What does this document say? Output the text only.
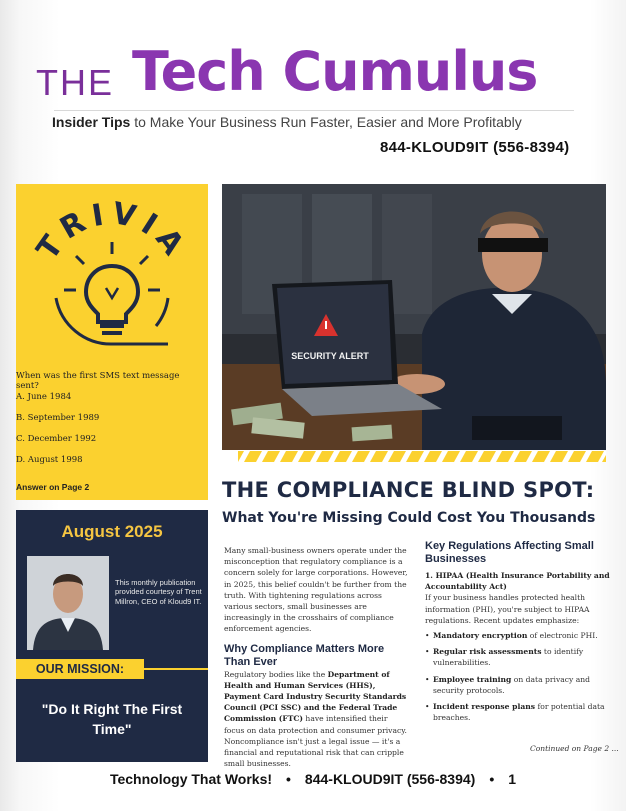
THE Tech Cumulus
Insider Tips to Make Your Business Run Faster, Easier and More Profitably
844-KLOUD9IT (556-8394)
TRIVIA
When was the first SMS text message sent?
A. June 1984
B. September 1989
C. December 1992
D. August 1998
Answer on Page 2
August 2025
This monthly publication provided courtesy of Trent Millron, CEO of Kloud9 IT.
OUR MISSION:
"Do It Right The First Time"
SECURITY ALERT
THE COMPLIANCE BLIND SPOT:
What You're Missing Could Cost You Thousands

Many small-business owners operate under the misconception that regulatory compliance is a concern solely for large corporations. However, in 2025, this belief couldn't be further from the truth. With tightening regulations across various sectors, small businesses are increasingly in the crosshairs of compliance enforcement agencies.

Why Compliance Matters More Than Ever

Regulatory bodies like the Department of Health and Human Services (HHS), Payment Card Industry Security Standards Council (PCI SSC) and the Federal Trade Commission (FTC) have intensified their focus on data protection and consumer privacy. Noncompliance isn't just a legal issue — it's a financial and reputational risk that can cripple small businesses.

Key Regulations Affecting Small Businesses

1. HIPAA (Health Insurance Portability and Accountability Act)

If your business handles protected health information (PHI), you're subject to HIPAA regulations. Recent updates emphasize:

• Mandatory encryption of electronic PHI.
• Regular risk assessments to identify vulnerabilities.
• Employee training on data privacy and security protocols.
• Incident response plans for potential data breaches.
Continued on Page 2 ...
Technology That Works! • 844-KLOUD9IT (556-8394) • 1
